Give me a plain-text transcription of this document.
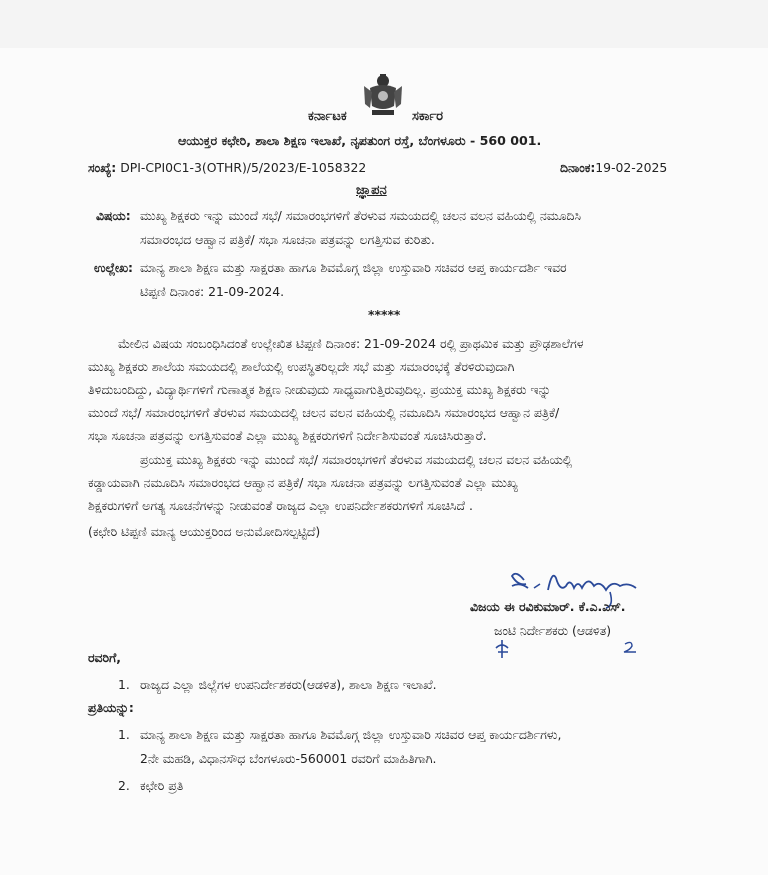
ಕರ್ನಾಟಕ	ಸರ್ಕಾರ
ಆಯುಕ್ತರ ಕಛೇರಿ, ಶಾಲಾ ಶಿಕ್ಷಣ ಇಲಾಖೆ, ನೃಪತುಂಗ ರಸ್ತೆ, ಬೆಂಗಳೂರು - 560 001.
ಸಂಖ್ಯೆ: DPI-CPI0C1-3(OTHR)/5/2023/E-1058322	ದಿನಾಂಕ:19-02-2025
ಜ್ಞಾಪನ
ವಿಷಯ: ಮುಖ್ಯ ಶಿಕ್ಷಕರು ಇನ್ನು ಮುಂದೆ ಸಭೆ/ ಸಮಾರಂಭಗಳಿಗೆ ತೆರಳುವ ಸಮಯದಲ್ಲಿ ಚಲನ ವಲನ ವಹಿಯಲ್ಲಿ ನಮೂದಿಸಿ
ಸಮಾರಂಭದ ಆಹ್ವಾನ ಪತ್ರಿಕೆ/ ಸಭಾ ಸೂಚನಾ ಪತ್ರವನ್ನು ಲಗತ್ತಿಸುವ ಕುರಿತು.
ಉಲ್ಲೇಖ: ಮಾನ್ಯ ಶಾಲಾ ಶಿಕ್ಷಣ ಮತ್ತು ಸಾಕ್ಷರತಾ ಹಾಗೂ ಶಿವಮೊಗ್ಗ ಜಿಲ್ಲಾ ಉಸ್ತುವಾರಿ ಸಚಿವರ ಆಪ್ತ ಕಾರ್ಯದರ್ಶಿ ಇವರ
ಟಿಪ್ಪಣಿ ದಿನಾಂಕ: 21-09-2024.
*****
ಮೇಲಿನ ವಿಷಯ ಸಂಬಂಧಿಸಿದಂತೆ ಉಲ್ಲೇಖಿತ ಟಿಪ್ಪಣಿ ದಿನಾಂಕ: 21-09-2024 ರಲ್ಲಿ ಪ್ರಾಥಮಿಕ ಮತ್ತು ಪ್ರೌಢಶಾಲೆಗಳ
ಮುಖ್ಯ ಶಿಕ್ಷಕರು ಶಾಲೆಯ ಸಮಯದಲ್ಲಿ ಶಾಲೆಯಲ್ಲಿ ಉಪಸ್ಥಿತರಿಲ್ಲದೇ ಸಭೆ ಮತ್ತು ಸಮಾರಂಭಕ್ಕೆ ತೆರಳಿರುವುದಾಗಿ
ತಿಳಿದುಬಂದಿದ್ದು, ವಿದ್ಯಾರ್ಥಿಗಳಿಗೆ ಗುಣಾತ್ಮಕ ಶಿಕ್ಷಣ ನೀಡುವುದು ಸಾಧ್ಯವಾಗುತ್ತಿರುವುದಿಲ್ಲ. ಪ್ರಯುಕ್ತ ಮುಖ್ಯ ಶಿಕ್ಷಕರು ಇನ್ನು
ಮುಂದೆ ಸಭೆ/ ಸಮಾರಂಭಗಳಿಗೆ ತೆರಳುವ ಸಮಯದಲ್ಲಿ ಚಲನ ವಲನ ವಹಿಯಲ್ಲಿ ನಮೂದಿಸಿ ಸಮಾರಂಭದ ಆಹ್ವಾನ ಪತ್ರಿಕೆ/
ಸಭಾ ಸೂಚನಾ ಪತ್ರವನ್ನು ಲಗತ್ತಿಸುವಂತೆ ಎಲ್ಲಾ ಮುಖ್ಯ ಶಿಕ್ಷಕರುಗಳಿಗೆ ನಿರ್ದೇಶಿಸುವಂತೆ ಸೂಚಿಸಿರುತ್ತಾರೆ.
ಪ್ರಯುಕ್ತ ಮುಖ್ಯ ಶಿಕ್ಷಕರು ಇನ್ನು ಮುಂದೆ ಸಭೆ/ ಸಮಾರಂಭಗಳಿಗೆ ತೆರಳುವ ಸಮಯದಲ್ಲಿ ಚಲನ ವಲನ ವಹಿಯಲ್ಲಿ
ಕಡ್ಡಾಯವಾಗಿ ನಮೂದಿಸಿ ಸಮಾರಂಭದ ಆಹ್ವಾನ ಪತ್ರಿಕೆ/ ಸಭಾ ಸೂಚನಾ ಪತ್ರವನ್ನು ಲಗತ್ತಿಸುವಂತೆ ಎಲ್ಲಾ ಮುಖ್ಯ
ಶಿಕ್ಷಕರುಗಳಿಗೆ ಅಗತ್ಯ ಸೂಚನೆಗಳನ್ನು ನೀಡುವಂತೆ ರಾಜ್ಯದ ಎಲ್ಲಾ ಉಪನಿರ್ದೇಶಕರುಗಳಿಗೆ ಸೂಚಿಸಿದೆ .
(ಕಛೇರಿ ಟಿಪ್ಪಣಿ ಮಾನ್ಯ ಆಯುಕ್ತರಿಂದ ಅನುಮೋದಿಸಲ್ಪಟ್ಟಿದೆ)
ವಿಜಯ ಈ ರವಿಕುಮಾರ್. ಕೆ.ಎ.ಎಸ್.
ಜಂಟಿ ನಿರ್ದೇಶಕರು (ಆಡಳಿತ)
ರವರಿಗೆ,
1. ರಾಜ್ಯದ ಎಲ್ಲಾ ಜಿಲ್ಲೆಗಳ ಉಪನಿರ್ದೇಶಕರು(ಆಡಳಿತ), ಶಾಲಾ ಶಿಕ್ಷಣ ಇಲಾಖೆ.
ಪ್ರತಿಯನ್ನು:
1. ಮಾನ್ಯ ಶಾಲಾ ಶಿಕ್ಷಣ ಮತ್ತು ಸಾಕ್ಷರತಾ ಹಾಗೂ ಶಿವಮೊಗ್ಗ ಜಿಲ್ಲಾ ಉಸ್ತುವಾರಿ ಸಚಿವರ ಆಪ್ತ ಕಾರ್ಯದರ್ಶಿಗಳು,
2ನೇ ಮಹಡಿ, ವಿಧಾನಸೌಧ ಬೆಂಗಳೂರು-560001 ರವರಿಗೆ ಮಾಹಿತಿಗಾಗಿ.
2. ಕಛೇರಿ ಪ್ರತಿ
